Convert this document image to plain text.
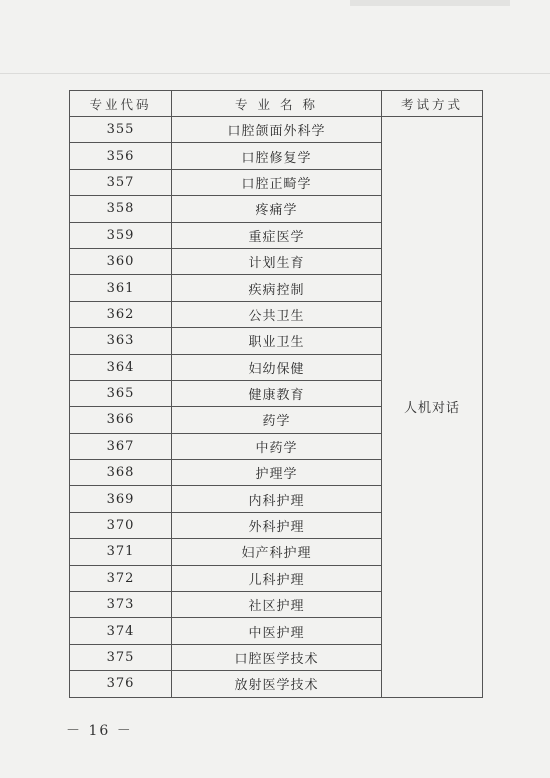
专业代码	专 业 名 称	考试方式
355	口腔颌面外科学	人机对话
356	口腔修复学	
357	口腔正畸学	
358	疼痛学	
359	重症医学	
360	计划生育	
361	疾病控制	
362	公共卫生	
363	职业卫生	
364	妇幼保健	
365	健康教育	
366	药学	
367	中药学	
368	护理学	
369	内科护理	
370	外科护理	
371	妇产科护理	
372	儿科护理	
373	社区护理	
374	中医护理	
375	口腔医学技术	
376	放射医学技术	
－ 16 －
